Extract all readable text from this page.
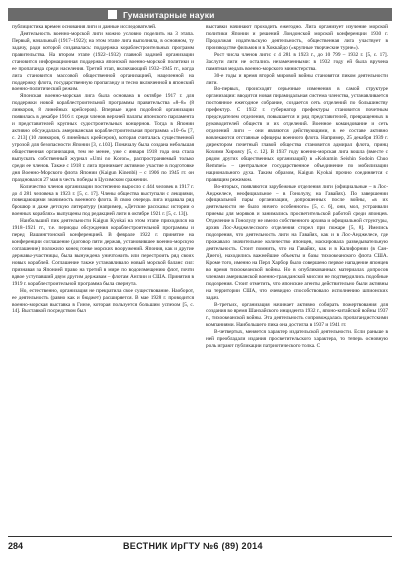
Гуманитарные науки

публицистика времен основания лиги и данные исследователей.

Деятельность военно-морской лиги можно условно поделить на 3 этапа. Первый, начальный (1917–1922); на этом этапе лига выполняла, в основном, ту задачу, ради которой создавалась: поддержка кораблестроительных программ правительства. На втором этапе (1922–1932) главной задачей организации становится информационная поддержка японской военно-морской политики и ее пропаганда среди населения. Третий этап, включающий 1932–1945 гг., когда лига становится массовой общественной организацией, нацеленной на поддержку флота, государственную пропаганду и тесно включенной в японский военно-политический режим.

Японская военно-морская лига была основана в октябре 1917 г. для поддержки новой кораблестроительной программы правительства «8–8» (8 линкоров, 8 линейных крейсеров). Впервые идея подобной организации появилась в декабре 1916 г. среди членов верхней палаты японского парламента и представителей крупных судостроительных концернов. Тогда в Японии активно обсуждалась американская кораблестроительная программа «10–6» [7, с. 213] (10 линкоров, 6 линейных крейсеров), которая считалась существенной угрозой для безопасности Японии [3, с.103]. Поначалу была создана небольшая общественная организация, тем не менее, уже с января 1918 года она стала выпускать собственный журнал «Umi no Koron», распространяемый только среди ее членов. Также с 1918 г. лига принимает активное участие в подготовке дня Военно-Морского флота Японии (Kaigun Kinenbi) – с 1906 по 1945 гг. он праздновался 27 мая в честь победы в Цусимском сражении.

Количество членов организации постепенно выросло с 444 человек в 1917 г. до 4 281 человека в 1923 г. [5, с. 17]. Члены общества выступали с лекциями, повещающими значимость военного флота. В свою очередь лига издавала ряд брошюр и даже детскую литературу (например, «Детские рассказы: истории о военных кораблях» выпущены под редакцией лиги в октябре 1921 г. [5, с. 13]).

Наибольший пик деятельности Kaigun Kyokai на этом этапе приходился на 1918–1921 гг., т.е. периоды обсуждения кораблестроительной программы и перед Вашингтонской конференцией. В феврале 1922 г. принятие на конференции соглашение (договор пяти держав, установившее военно-морскую соглашение) положило конец гонке морских вооружений. Япония, как и другие державы-участницы, была вынуждена уничтожить или перестроить ряд своих новых кораблей. Соглашение также устанавливало новый морской баланс сил: признавая за Японией право на третий в мире по водоизмещению флот, почти вдвое уступавший двум другим державам – флотам Англии и США. Принятия в 1919 г. кораблестроительной программа была свернута.

Но, естественно, организация не прекратила свое существование. Наоборот, ее деятельность (равно как и бюджет) расширяется. В мае 1928 г. проводится военно-морская выставка в Гинзе, которая пользуется большим успехом [5, с. 14]. Выставкой посредством был

выставки начинают проходить ежегодно. Лига организует изучение морской политики Японии и решений Лондонской морской конференции 1930 г. Продолжая издательскую деятельность, общественная лига участвует в производстве фильмов и в Хоккайдо («крупные творческие турне»).

Рост числа членов лиги: с 4 281 в 1923 г., до 10 799 – 1932 г. [5, с. 17]. Заслуги лиги не остались незамеченными: в 1932 году ей была вручена памятная медаль военно-морского министерства.

30-е годы и время второй мировой войны становятся пиком деятельности лиги.

Во-первых, происходят серьезные изменения в самой структуре организации: вводится новая пирамидальная система членства, устанавливается постоянное ежегодное собрание, создается сеть отделений по большинству префектур. С 1932 г. губернатор префектуры становится почетным председателем отделения, повышается и ряд представителей, превращенных в руководителей обществ и их отделений. Военное командование и сеть отделений лиги – они являются действующими, в ее составе активно вовлекаются отставные офицеры военного флота. Например, 25 декабря 1939 г. директором почетный главой общества становится адмирал флота, принц Кохими Хироясу [5, с. 12]. В 1937 году военно-морская лига вошла (вместе с рядом других общественных организаций) в «Kokumin Seishin Sodoin Chuo Remmei» – центральное государственное объединение по мобилизации национального духа. Таким образом, Kaigun Kyokai прочно соединяется с правящим режимом.

Во-вторых, появляются зарубежные отделения лиги (официальные – в Лос-Анджелесе, неофициальное – в Гонолулу, на Гавайях). По завершении официальной пары организации, допрошенных после войны, «в их деятельности не было ничего особенного» [5, с. 6], они, мол, устраивали приемы для моряков и занимались просветительской работой среди японцев. Отделение в Гонолулу не имело собственного архива и официальной структуры, архив Лос-Анджелесского отделения сгорел при пожаре [5, 8]. Имелись подозрения, что деятельность лиги на Гавайях, как и в Лос-Анджелесе, где прожавало значительное количество японцев, маскировала разведывательную деятельность. Стоит помнить, что на Гавайях, как и в Калифорнии (в Сан-Диего), находились важнейшие объекты и базы тихоокеанского флота США. Кроме того, именно на Перл Харбор было совершено первое нападение японцев во время тихоокеанской войны. Но в опубликованных материалах допросов членами американской военно-гражданской миссии не подтвердились подобные подозрения. Стоит отметить, что японские агенты действительно были активны на территории США, что очевидно способствовало исполнению шпионских задач.

В-третьих, организация начинает активно собирать пожертвования для создания во время Шанхайского инцидента 1932 г., японо-китайской войны 1937 г., тихоокеанской войны. Эта деятельность сопровождалась пропагандистскими компаниями. Наибольшего пика она достигла в 1937 и 1941 гг.

В-четвертых, меняется характер издательской деятельности. Если раньше в ней преобладали издания просветительского характера, то теперь основную роль играют публикации патриотического толка. С

284	ВЕСТНИК ИрГТУ №6 (89) 2014
